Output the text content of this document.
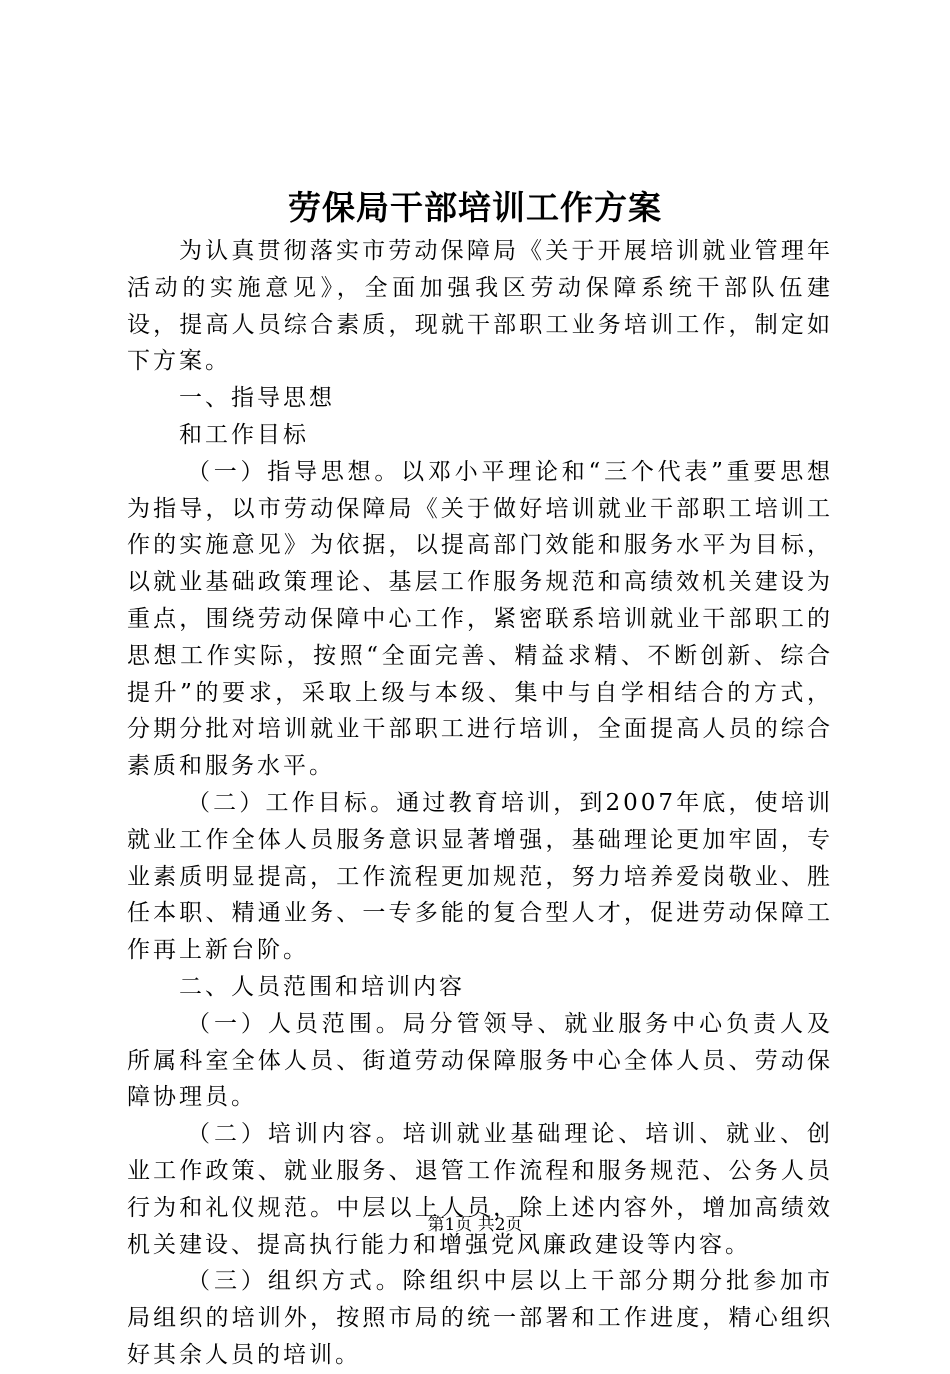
劳保局干部培训工作方案

为认真贯彻落实市劳动保障局《关于开展培训就业管理年活动的实施意见》，全面加强我区劳动保障系统干部队伍建设，提高人员综合素质，现就干部职工业务培训工作，制定如下方案。

一、指导思想

和工作目标

（一）指导思想。以邓小平理论和“三个代表”重要思想为指导，以市劳动保障局《关于做好培训就业干部职工培训工作的实施意见》为依据，以提高部门效能和服务水平为目标，以就业基础政策理论、基层工作服务规范和高绩效机关建设为重点，围绕劳动保障中心工作，紧密联系培训就业干部职工的思想工作实际，按照“全面完善、精益求精、不断创新、综合提升”的要求，采取上级与本级、集中与自学相结合的方式，分期分批对培训就业干部职工进行培训，全面提高人员的综合素质和服务水平。

（二）工作目标。通过教育培训，到2007年底，使培训就业工作全体人员服务意识显著增强，基础理论更加牢固，专业素质明显提高，工作流程更加规范，努力培养爱岗敬业、胜任本职、精通业务、一专多能的复合型人才，促进劳动保障工作再上新台阶。

二、人员范围和培训内容

（一）人员范围。局分管领导、就业服务中心负责人及所属科室全体人员、街道劳动保障服务中心全体人员、劳动保障协理员。

（二）培训内容。培训就业基础理论、培训、就业、创业工作政策、就业服务、退管工作流程和服务规范、公务人员行为和礼仪规范。中层以上人员，除上述内容外，增加高绩效机关建设、提高执行能力和增强党风廉政建设等内容。

（三）组织方式。除组织中层以上干部分期分批参加市局组织的培训外，按照市局的统一部署和工作进度，精心组织好其余人员的培训。

第1页 共2页
